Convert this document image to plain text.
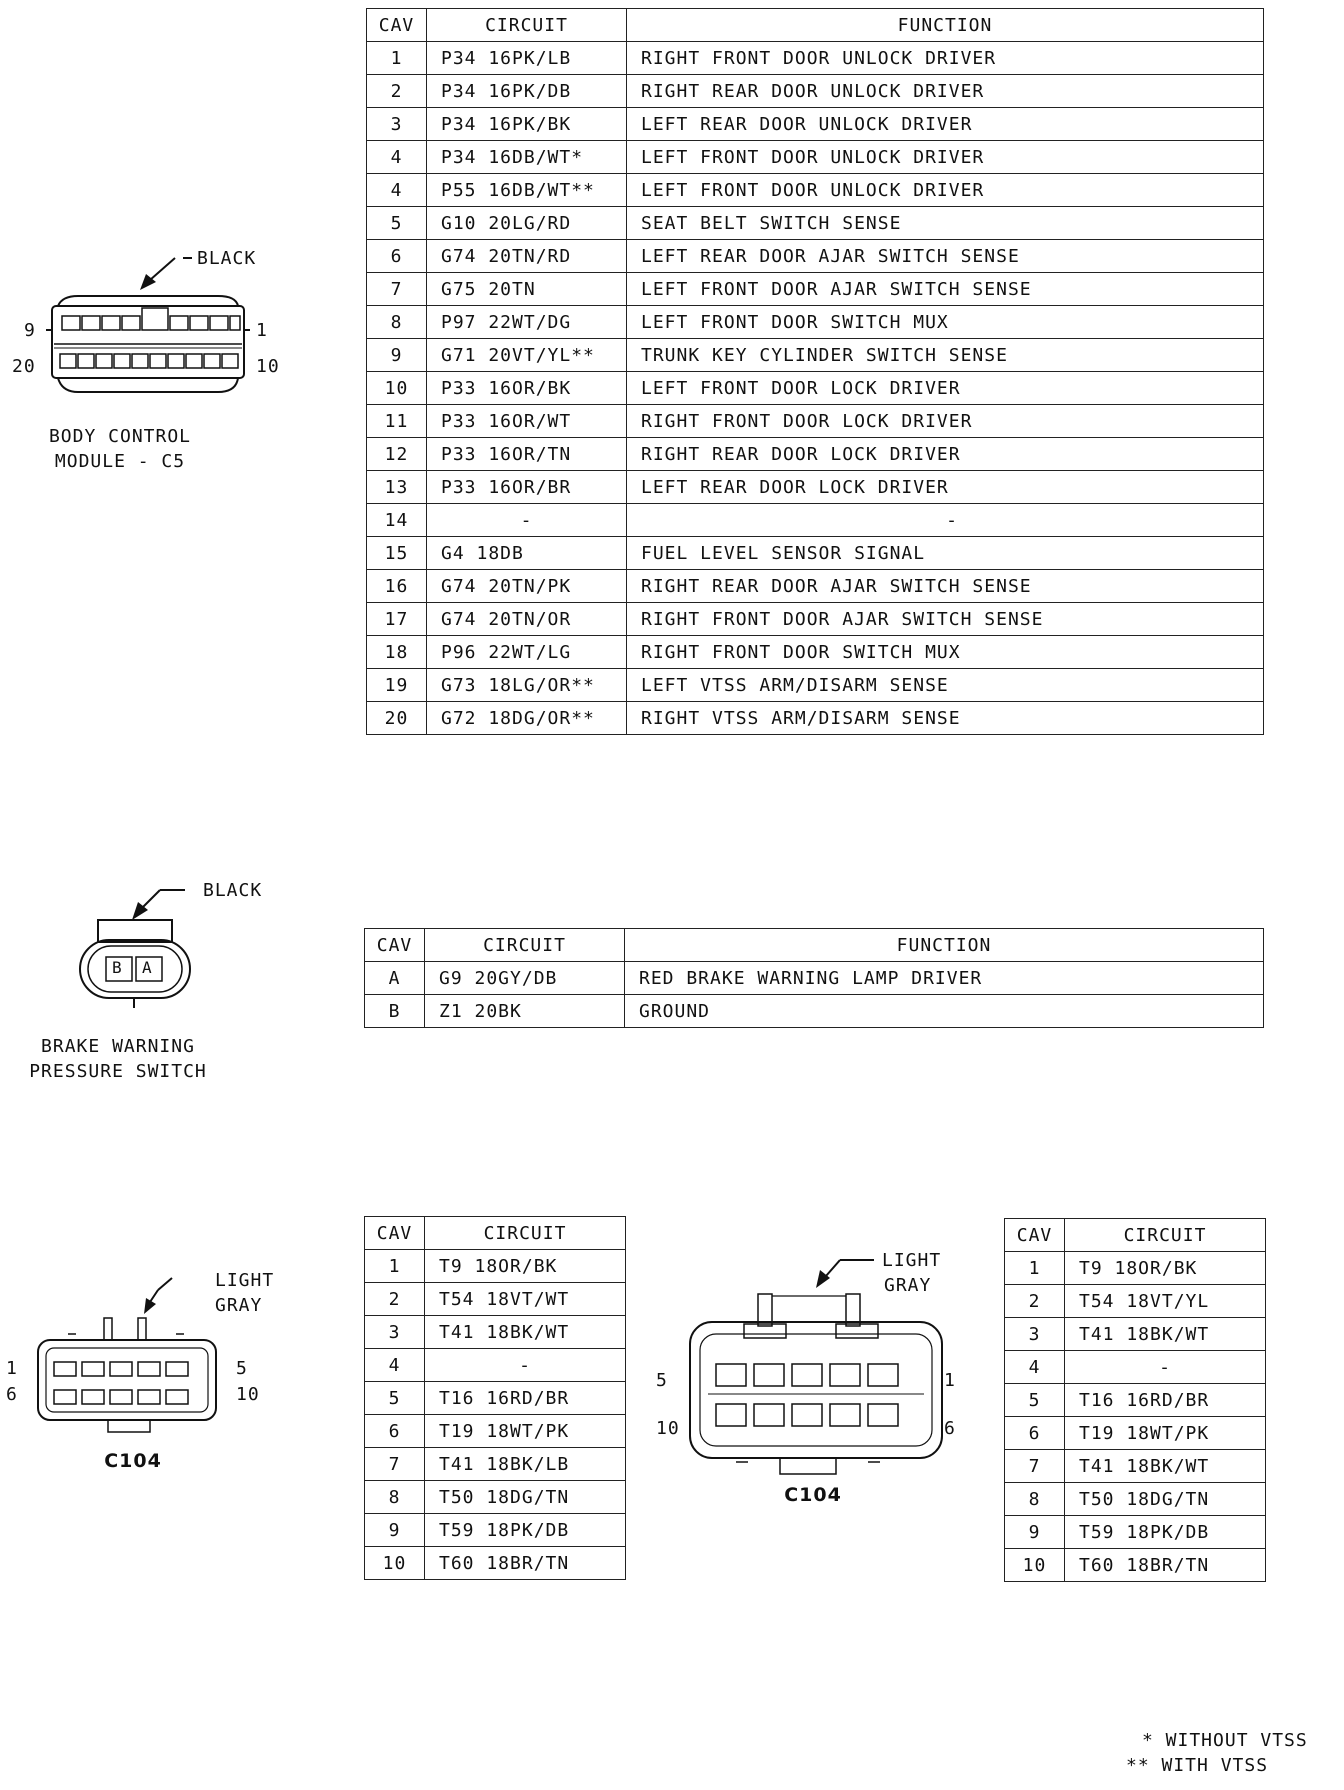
BLACK
9
20
1
10
BODY CONTROL
MODULE - C5
CAV	CIRCUIT	FUNCTION
1	P34 16PK/LB	RIGHT FRONT DOOR UNLOCK DRIVER
2	P34 16PK/DB	RIGHT REAR DOOR UNLOCK DRIVER
3	P34 16PK/BK	LEFT REAR DOOR UNLOCK DRIVER
4	P34 16DB/WT*	LEFT FRONT DOOR UNLOCK DRIVER
4	P55 16DB/WT**	LEFT FRONT DOOR UNLOCK DRIVER
5	G10 20LG/RD	SEAT BELT SWITCH SENSE
6	G74 20TN/RD	LEFT REAR DOOR AJAR SWITCH SENSE
7	G75 20TN	LEFT FRONT DOOR AJAR SWITCH SENSE
8	P97 22WT/DG	LEFT FRONT DOOR SWITCH MUX
9	G71 20VT/YL**	TRUNK KEY CYLINDER SWITCH SENSE
10	P33 16OR/BK	LEFT FRONT DOOR LOCK DRIVER
11	P33 16OR/WT	RIGHT FRONT DOOR LOCK DRIVER
12	P33 16OR/TN	RIGHT REAR DOOR LOCK DRIVER
13	P33 16OR/BR	LEFT REAR DOOR LOCK DRIVER
14	-	-
15	G4 18DB	FUEL LEVEL SENSOR SIGNAL
16	G74 20TN/PK	RIGHT REAR DOOR AJAR SWITCH SENSE
17	G74 20TN/OR	RIGHT FRONT DOOR AJAR SWITCH SENSE
18	P96 22WT/LG	RIGHT FRONT DOOR SWITCH MUX
19	G73 18LG/OR**	LEFT VTSS ARM/DISARM SENSE
20	G72 18DG/OR**	RIGHT VTSS ARM/DISARM SENSE
BLACK
B A
BRAKE WARNING
PRESSURE SWITCH
CAV	CIRCUIT	FUNCTION
A	G9 20GY/DB	RED BRAKE WARNING LAMP DRIVER
B	Z1 20BK	GROUND
LIGHT
GRAY
1
6
5
10
C104
CAV	CIRCUIT
1	T9 18OR/BK
2	T54 18VT/WT
3	T41 18BK/WT
4	-
5	T16 16RD/BR
6	T19 18WT/PK
7	T41 18BK/LB
8	T50 18DG/TN
9	T59 18PK/DB
10	T60 18BR/TN
LIGHT
GRAY
5
10
1
6
C104
CAV	CIRCUIT
1	T9 18OR/BK
2	T54 18VT/YL
3	T41 18BK/WT
4	-
5	T16 16RD/BR
6	T19 18WT/PK
7	T41 18BK/WT
8	T50 18DG/TN
9	T59 18PK/DB
10	T60 18BR/TN
* WITHOUT VTSS
** WITH VTSS
